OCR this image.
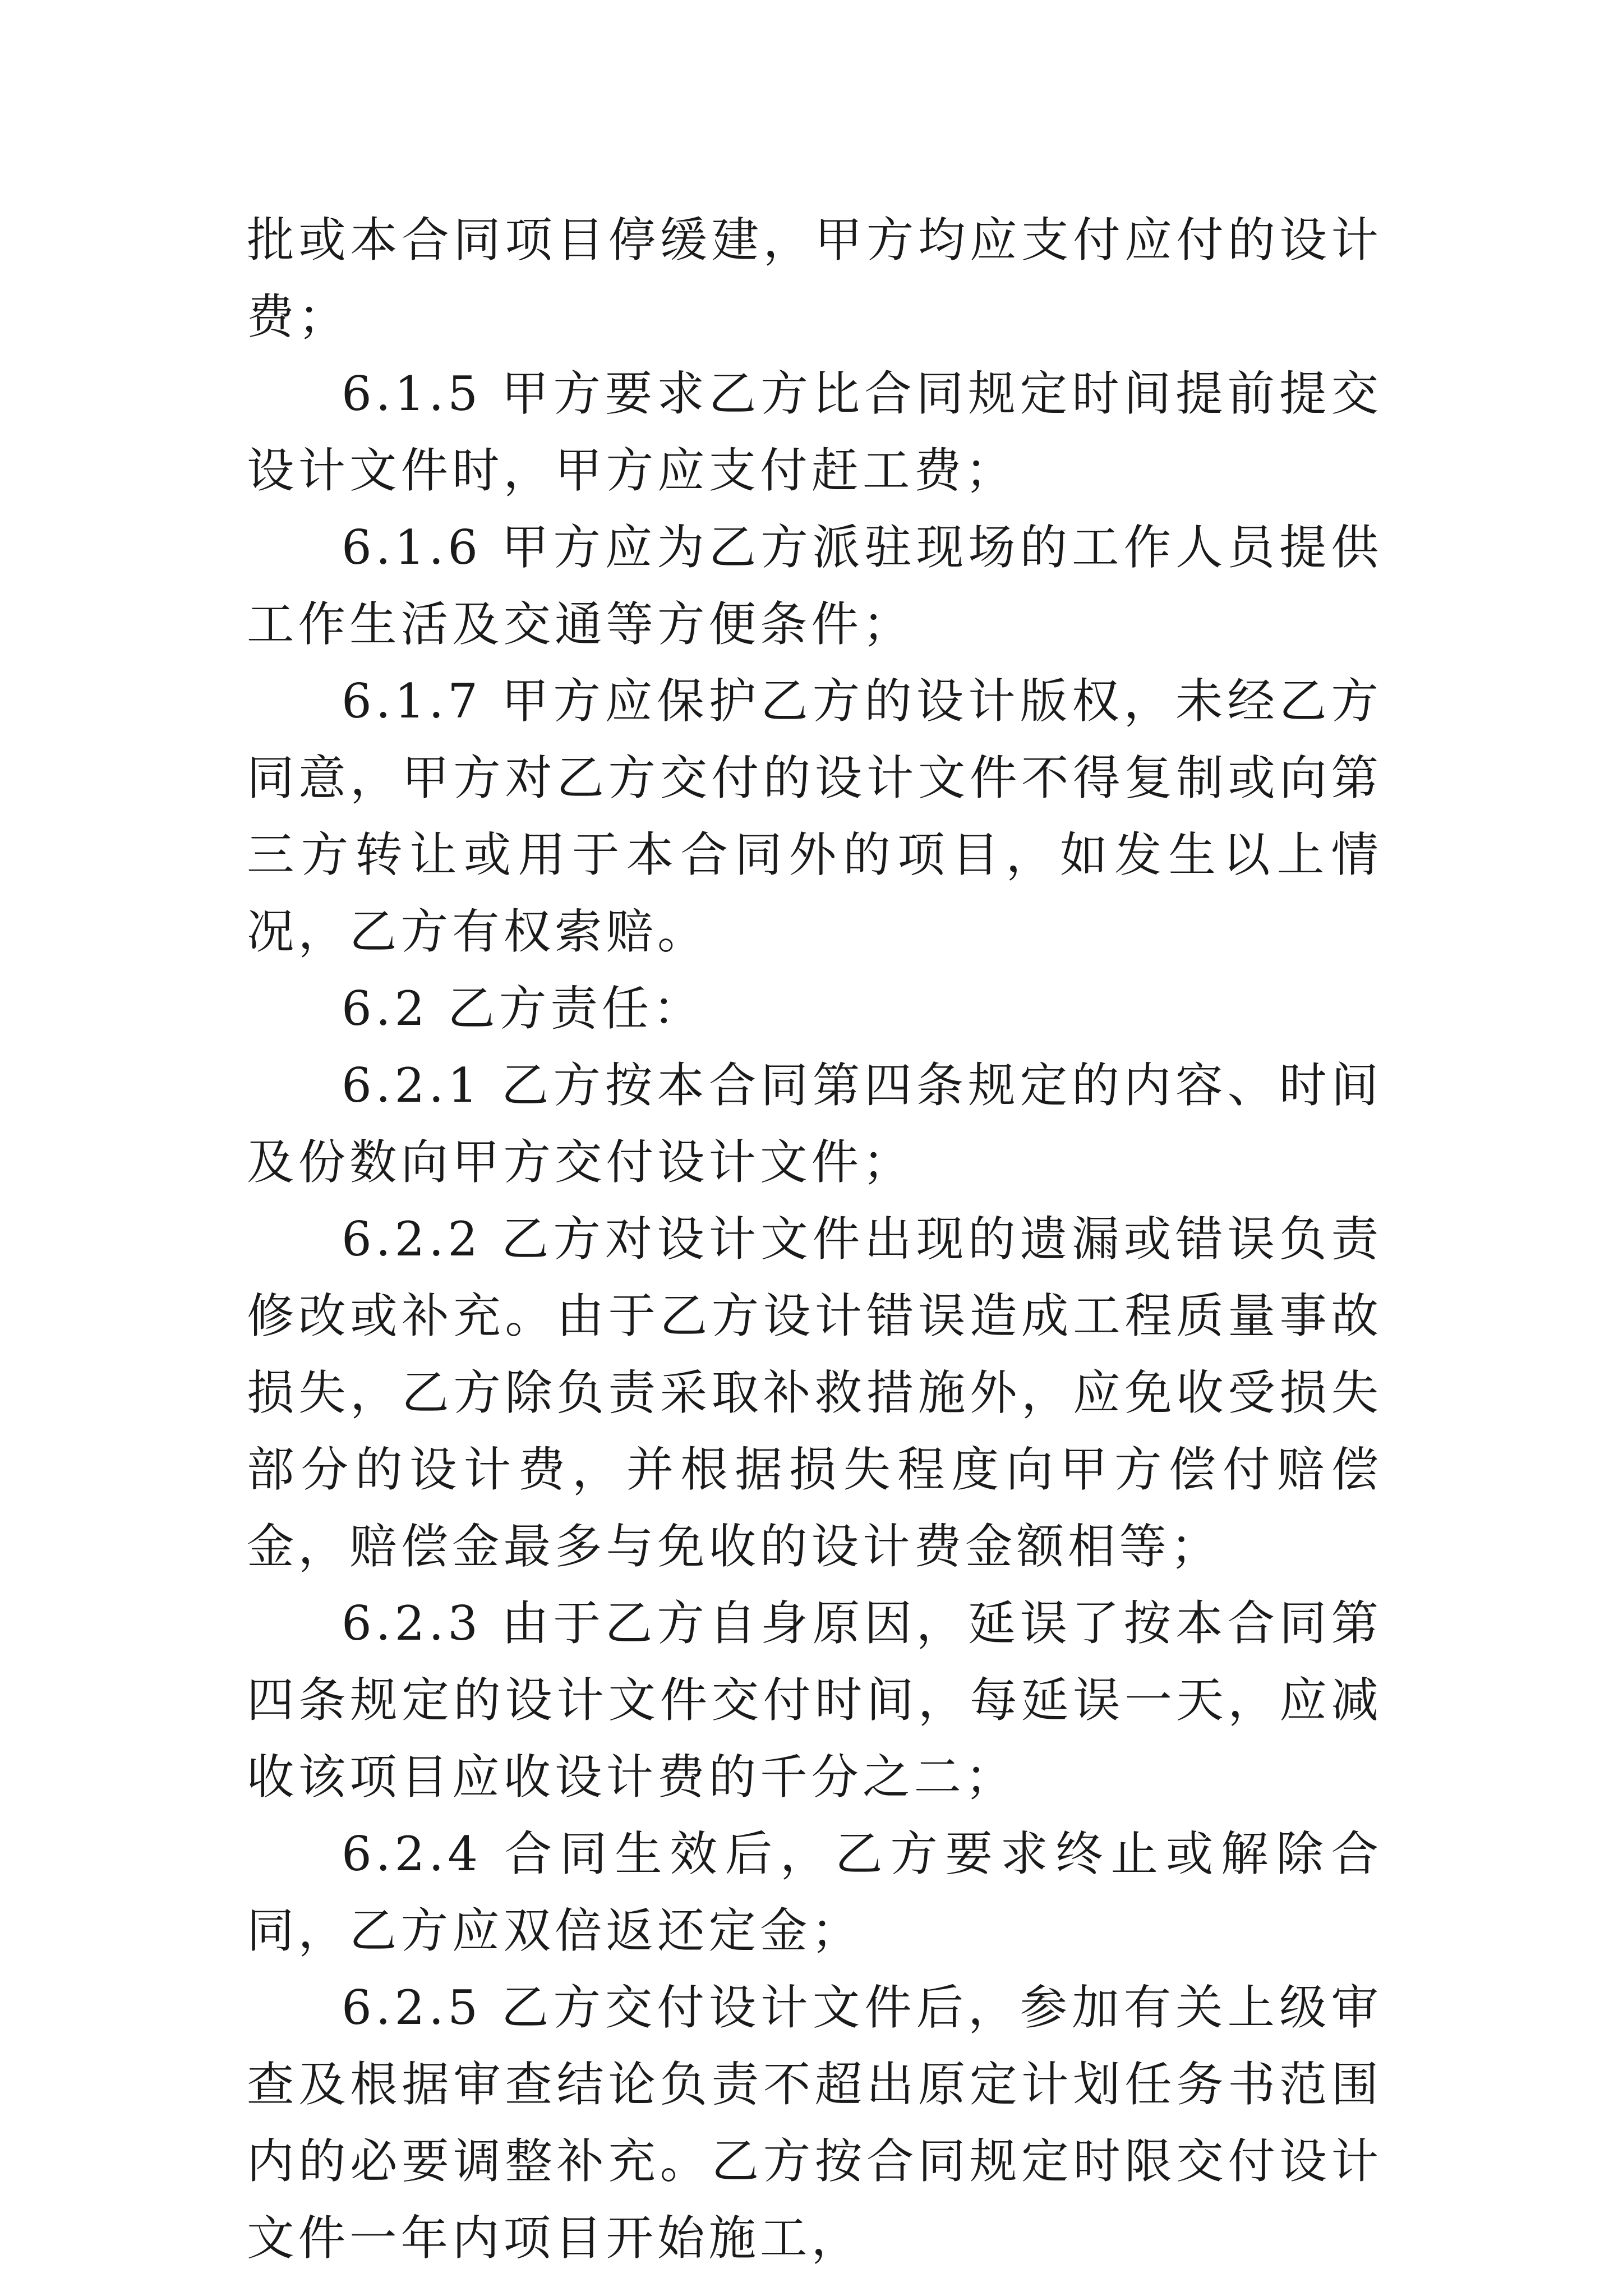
批或本合同项目停缓建，甲方均应支付应付的设计费；

6.1.5 甲方要求乙方比合同规定时间提前提交设计文件时，甲方应支付赶工费；

6.1.6 甲方应为乙方派驻现场的工作人员提供工作生活及交通等方便条件；

6.1.7 甲方应保护乙方的设计版权，未经乙方同意，甲方对乙方交付的设计文件不得复制或向第三方转让或用于本合同外的项目，如发生以上情况，乙方有权索赔。

6.2 乙方责任：

6.2.1 乙方按本合同第四条规定的内容、时间及份数向甲方交付设计文件；

6.2.2 乙方对设计文件出现的遗漏或错误负责修改或补充。由于乙方设计错误造成工程质量事故损失，乙方除负责采取补救措施外，应免收受损失部分的设计费，并根据损失程度向甲方偿付赔偿金，赔偿金最多与免收的设计费金额相等；

6.2.3 由于乙方自身原因，延误了按本合同第四条规定的设计文件交付时间，每延误一天，应减收该项目应收设计费的千分之二；

6.2.4 合同生效后，乙方要求终止或解除合同，乙方应双倍返还定金；

6.2.5 乙方交付设计文件后，参加有关上级审查及根据审查结论负责不超出原定计划任务书范围内的必要调整补充。乙方按合同规定时限交付设计文件一年内项目开始施工，
